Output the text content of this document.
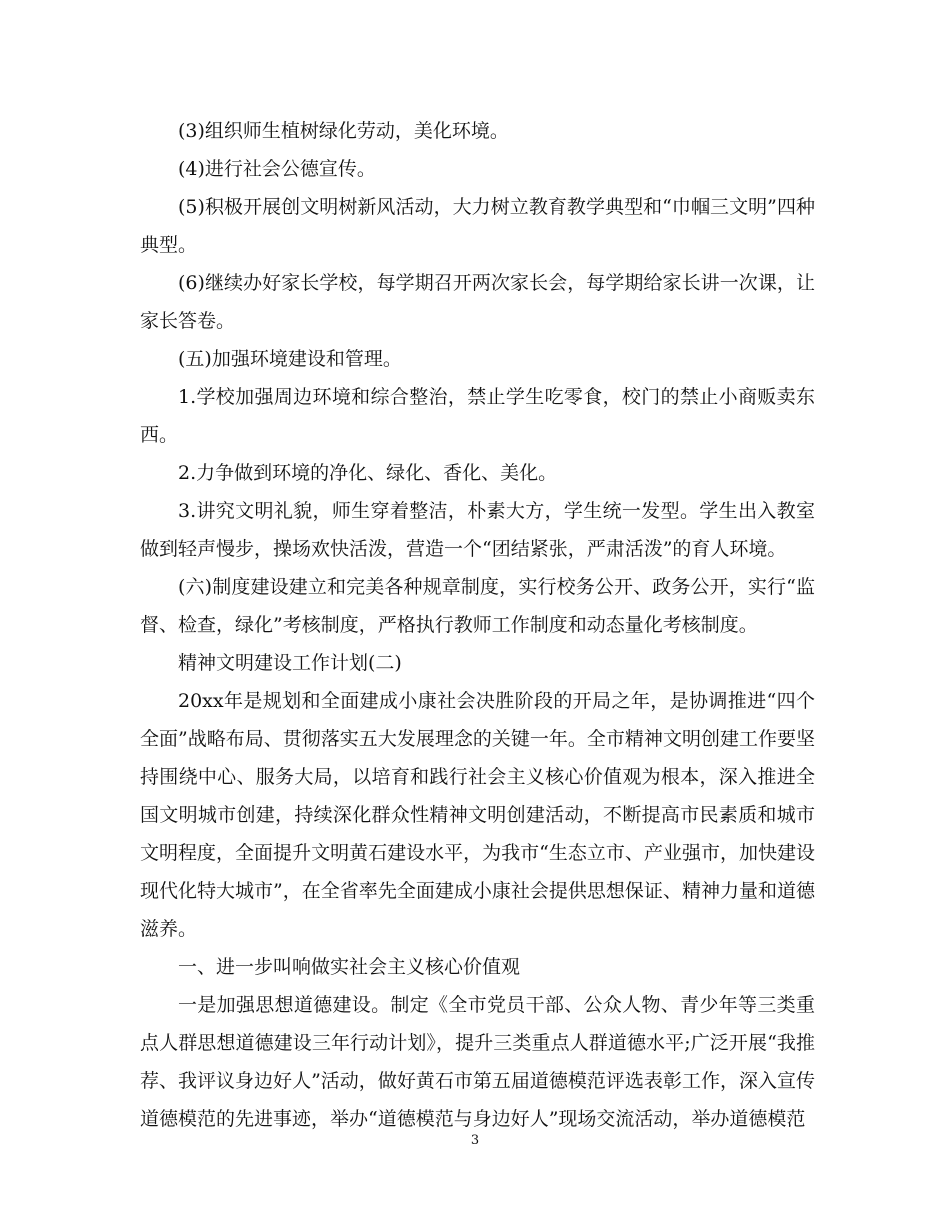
(3)组织师生植树绿化劳动，美化环境。

(4)进行社会公德宣传。

(5)积极开展创文明树新风活动，大力树立教育教学典型和“巾帼三文明”四种典型。

(6)继续办好家长学校，每学期召开两次家长会，每学期给家长讲一次课，让家长答卷。

(五)加强环境建设和管理。

1.学校加强周边环境和综合整治，禁止学生吃零食，校门的禁止小商贩卖东西。

2.力争做到环境的净化、绿化、香化、美化。

3.讲究文明礼貌，师生穿着整洁，朴素大方，学生统一发型。学生出入教室做到轻声慢步，操场欢快活泼，营造一个“团结紧张，严肃活泼”的育人环境。

(六)制度建设建立和完美各种规章制度，实行校务公开、政务公开，实行“监督、检查，绿化”考核制度，严格执行教师工作制度和动态量化考核制度。

精神文明建设工作计划(二)

20xx年是规划和全面建成小康社会决胜阶段的开局之年，是协调推进“四个全面”战略布局、贯彻落实五大发展理念的关键一年。全市精神文明创建工作要坚持围绕中心、服务大局，以培育和践行社会主义核心价值观为根本，深入推进全国文明城市创建，持续深化群众性精神文明创建活动，不断提高市民素质和城市文明程度，全面提升文明黄石建设水平，为我市“生态立市、产业强市，加快建设现代化特大城市”，在全省率先全面建成小康社会提供思想保证、精神力量和道德滋养。

一、进一步叫响做实社会主义核心价值观

一是加强思想道德建设。制定《全市党员干部、公众人物、青少年等三类重点人群思想道德建设三年行动计划》，提升三类重点人群道德水平;广泛开展“我推荐、我评议身边好人”活动，做好黄石市第五届道德模范评选表彰工作，深入宣传道德模范的先进事迹，举办“道德模范与身边好人”现场交流活动，举办道德模范

3
